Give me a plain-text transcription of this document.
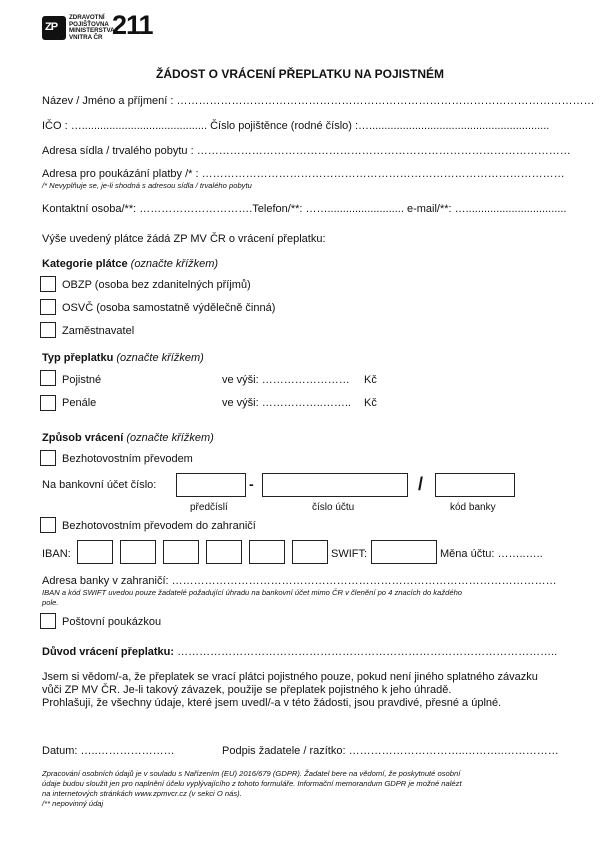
ZP
ZDRAVOTNÍ
POJIŠŤOVNA
MINISTERSTVA
VNITRA ČR 211
ŽÁDOST O VRÁCENÍ PŘEPLATKU NA POJISTNÉM
Název / Jméno a příjmení : ……………………………………………………………………………………………………
IČO : …......................................... Číslo pojištěnce (rodné číslo) :…...........................................................
Adresa sídla / trvalého pobytu : …………………………………………………………………………………………
Adresa pro poukázání platby /* : ………………………………………………………………………………………
/* Nevyplňuje se, je-li shodná s adresou sídla / trvalého pobytu
Kontaktní osoba/**: ………………………….Telefon/**: ……......................... e-mail/**: ….................................
Výše uvedený plátce žádá ZP MV ČR o vrácení přeplatku:
Kategorie plátce (označte křížkem)
OBZP (osoba bez zdanitelných příjmů)
OSVČ (osoba samostatně výdělečně činná)
Zaměstnavatel
Typ přeplatku (označte křížkem)
Pojistné	ve výši: …………………… Kč
Penále	ve výši: ……………..…….. Kč
Způsob vrácení (označte křížkem)
Bezhotovostním převodem
Na bankovní účet číslo:	-	/
předčíslí	číslo účtu	kód banky
Bezhotovostním převodem do zahraničí
IBAN:	SWIFT:	Měna účtu: ……..…..
Adresa banky v zahraničí: ……………………………………………………………………………………………
IBAN a kód SWIFT uvedou pouze žadatelé požadující úhradu na bankovní účet mimo ČR v členění po 4 znacích do každého
pole.
Poštovní poukázkou
Důvod vrácení přeplatku: …………………………………………………………………………………………..
Jsem si vědom/-a, že přeplatek se vrací plátci pojistného pouze, pokud není jiného splatného závazku
vůči ZP MV ČR. Je-li takový závazek, použije se přeplatek pojistného k jeho úhradě.
Prohlašuji, že všechny údaje, které jsem uvedl/-a v této žádosti, jsou pravdivé, přesné a úplné.
Datum: …..…………………	Podpis žadatele / razítko: …………………………..………..……………
Zpracování osobních údajů je v souladu s Nařízením (EU) 2016/679 (GDPR). Žadatel bere na vědomí, že poskytnuté osobní
údaje budou sloužit jen pro naplnění účelu vyplývajícího z tohoto formuláře. Informační memorandum GDPR je možné nalézt
na internetových stránkách www.zpmvcr.cz (v sekci O nás).
/** nepovinný údaj
